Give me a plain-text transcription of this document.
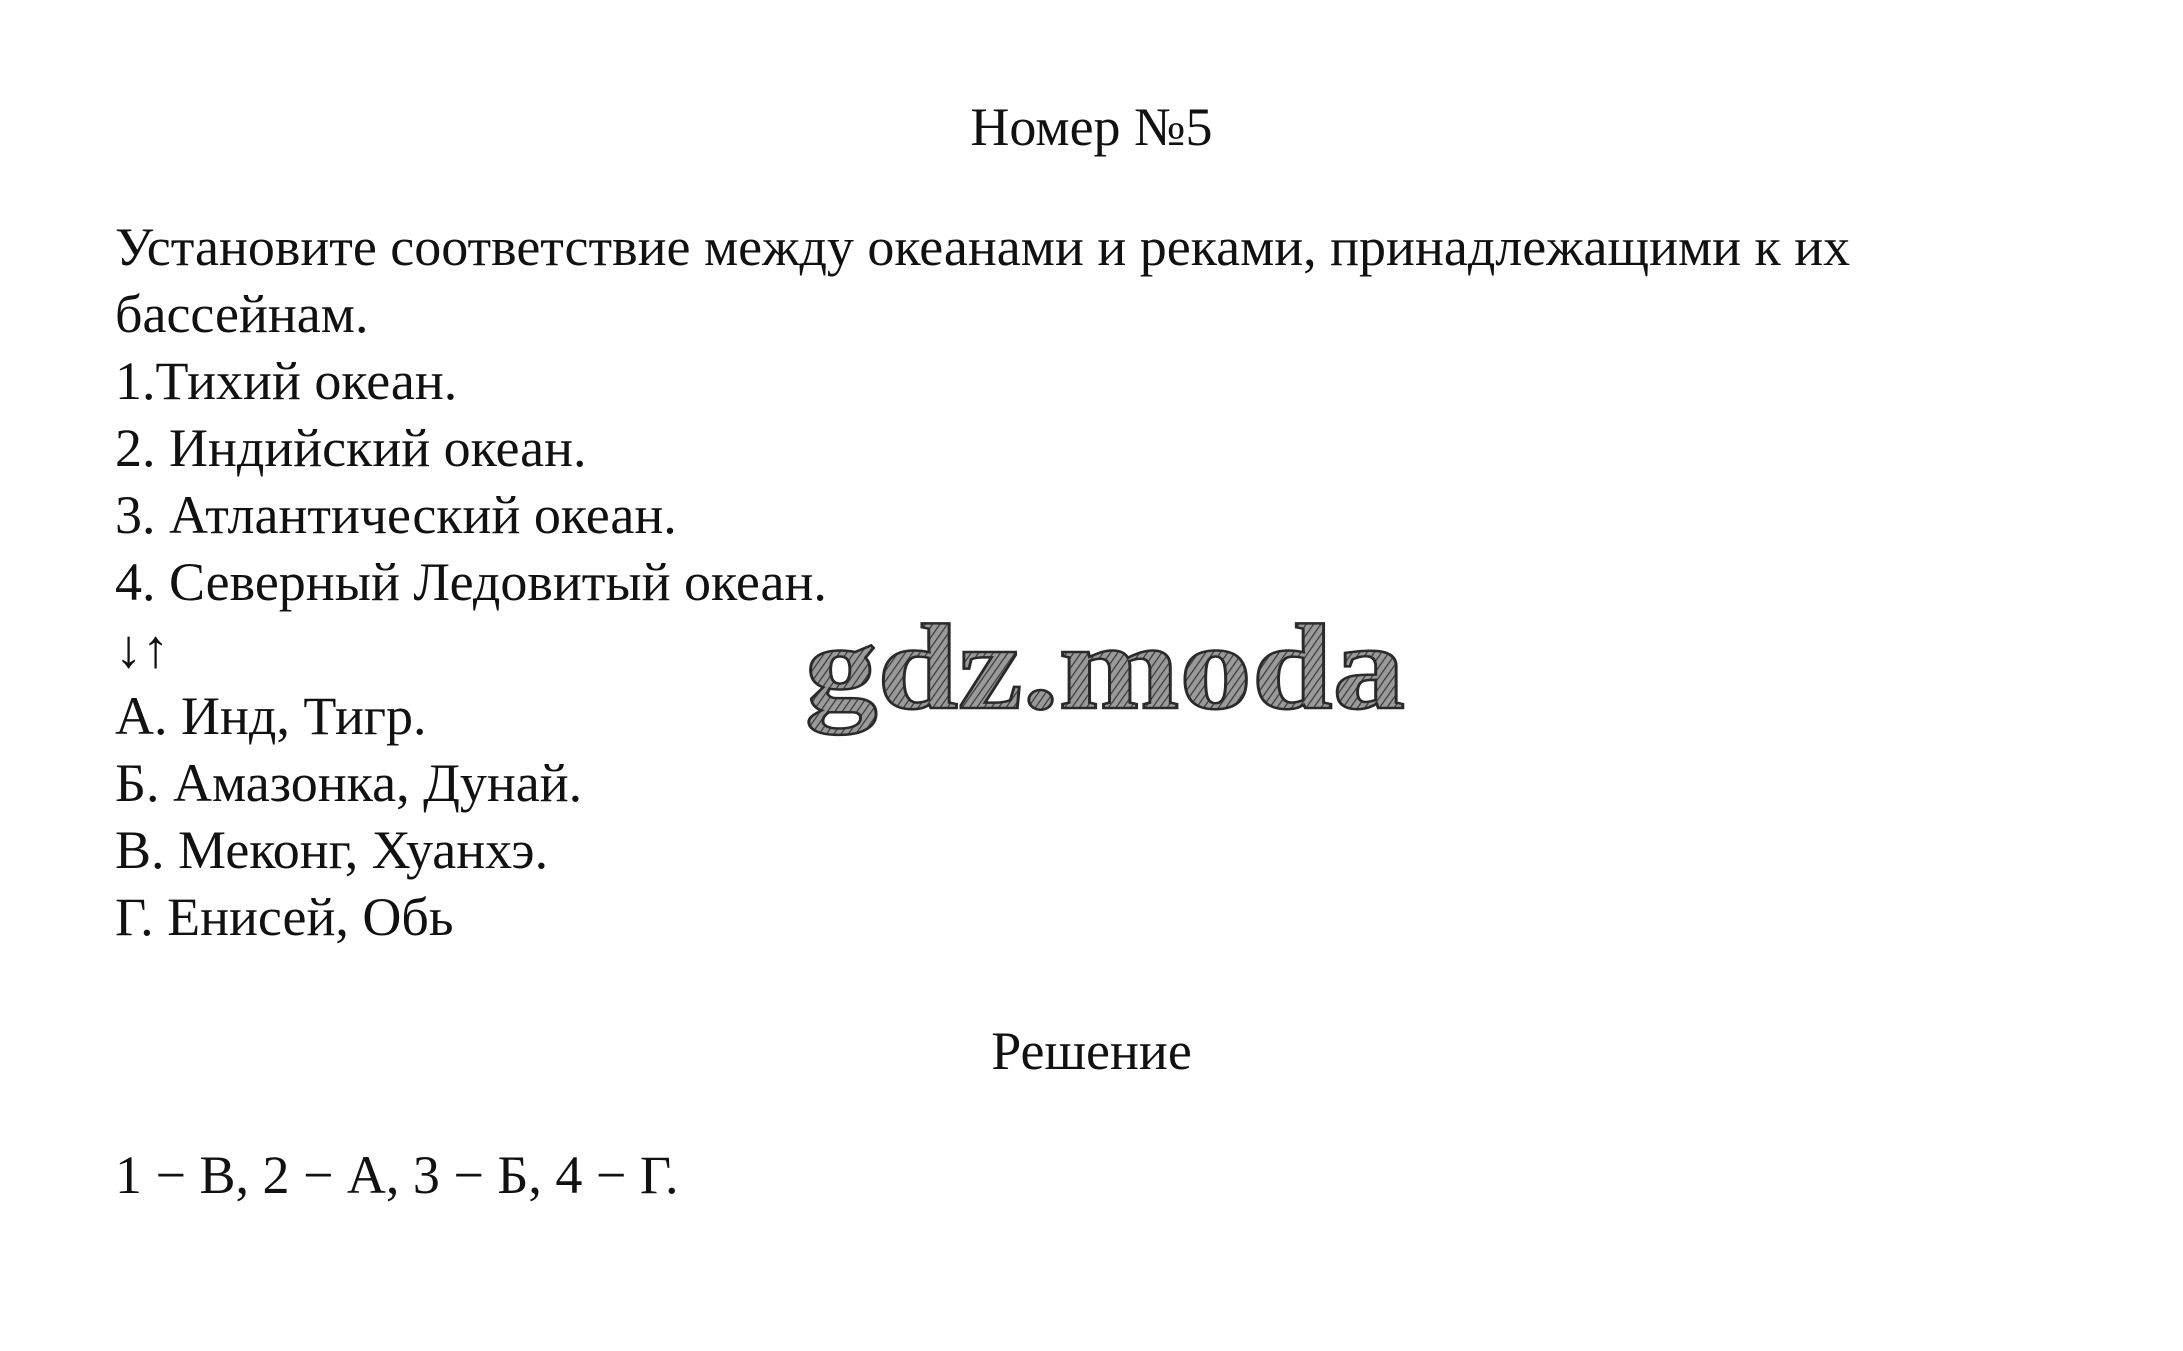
Номер №5

Установите соответствие между океанами и реками, принадлежащими к их бассейнам.

1.Тихий океан.
2. Индийский океан.
3. Атлантический океан.
4. Северный Ледовитый океан.
↓↑
А. Инд, Тигр.
Б. Амазонка, Дунай.
В. Меконг, Хуанхэ.
Г. Енисей, Обь
Решение

1 − В, 2 − А, 3 − Б, 4 − Г.

gdz.moda
